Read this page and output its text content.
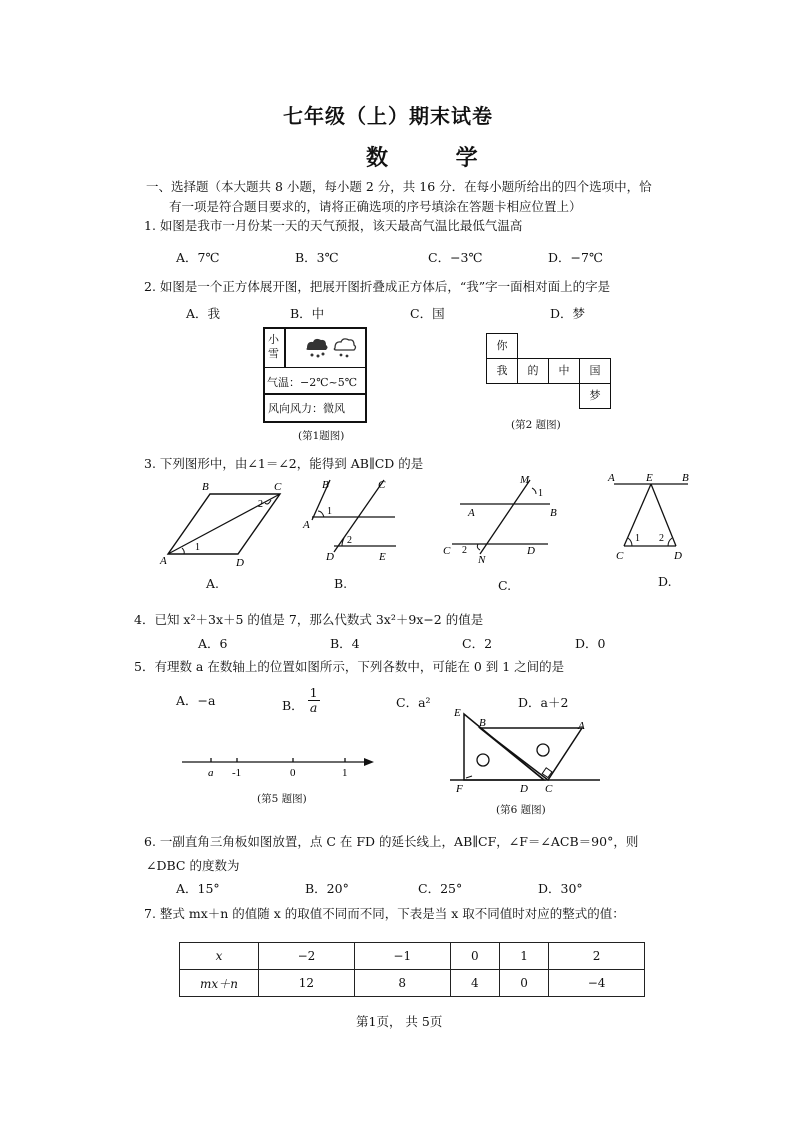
七年级（上）期末试卷
数 学
一、选择题（本大题共 8 小题，每小题 2 分，共 16 分．在每小题所给出的四个选项中，恰
有一项是符合题目要求的，请将正确选项的序号填涂在答题卡相应位置上）
1. 如图是我市一月份某一天的天气预报，该天最高气温比最低气温高
A．7℃	B．3℃	C．−3℃	D．−7℃
2. 如图是一个正方体展开图，把展开图折叠成正方体后，“我”字一面相对面上的字是
A．我	B．中	C．国	D．梦
小雪
气温：−2℃~5℃
风向风力：微风
(第1题图)
你
我	的	中	国
梦
(第2 题图)
3. 下列图形中，由∠1＝∠2，能得到 AB∥CD 的是
B	C
A	D
1
2
A.
B	C
A
D	E
1
2
B.
M
1
A	B
C 2
N
D
C.
A	E	B
C	D
1 2
D.
4．已知 x²＋3x＋5 的值是 7，那么代数式 3x²＋9x−2 的值是
A．6	B．4	C．2	D．0
5．有理数 a 在数轴上的位置如图所示，下列各数中，可能在 0 到 1 之间的是
A．−a	B． $\frac{1}{a}$	C．a²	D．a＋2
a -1	0	1
(第5 题图)
E
B	A
F	D C
(第6 题图)
6. 一副直角三角板如图放置，点 C 在 FD 的延长线上，AB∥CF，∠F＝∠ACB＝90°，则
∠DBC 的度数为
A．15°	B．20°	C．25°	D．30°
7. 整式 mx＋n 的值随 x 的取值不同而不同，下表是当 x 取不同值时对应的整式的值：
x	−2	−1	0	1	2
mx＋n	12	8	4	0	−4
第1页， 共 5页
